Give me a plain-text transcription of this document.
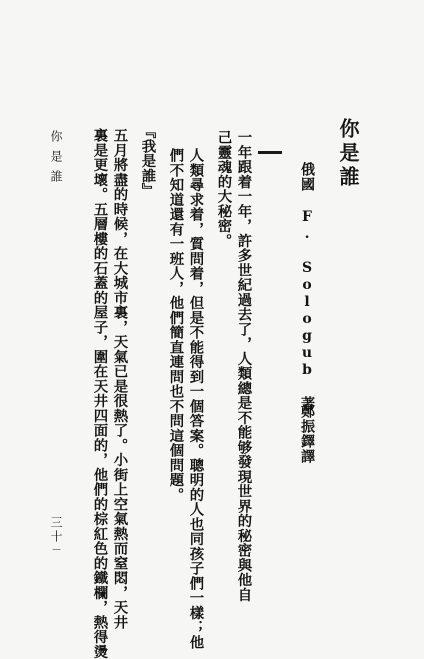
你是誰
俄國 F. Sologub 著
鄭振鐸譯
一年跟着一年，許多世紀過去了，人類總是不能够發現世界的秘密與他自
己靈魂的大秘密。
人類尋求着，質問着，但是不能得到一個答案。聰明的人也同孩子們一樣；他
們不知道還有一班人，他們簡直連問也不問這個問題。
『我是誰』
五月將盡的時候，在大城市裏，天氣已是很熱了。小街上空氣熱而窒悶，天井
裏是更壞。五層樓的石蓋的屋子，圍在天井四面的，他們的棕紅色的鐵欄，熱得燙
你是誰
三十ㄧ
